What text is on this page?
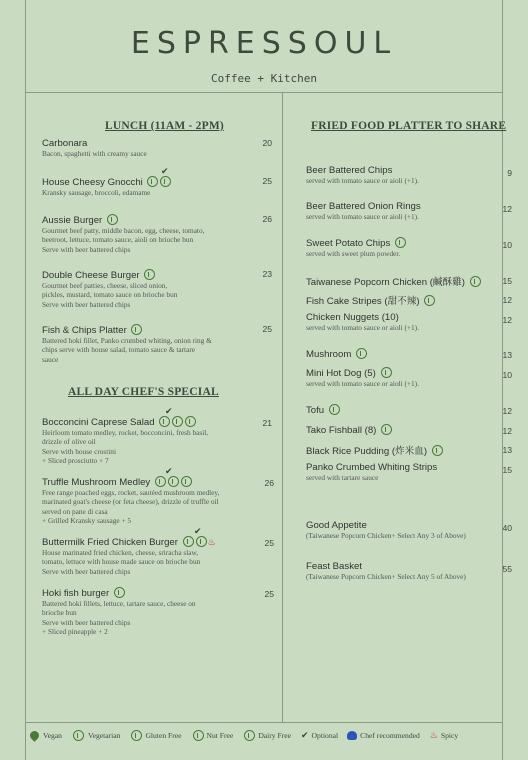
ESPRESSOUL
Coffee + Kitchen
LUNCH (11AM - 2PM)
Carbonara
Bacon, spaghetti with creamy sauce
20
House Cheesy Gnocchi
✔
Kransky sausage, broccoli, edamame
25
Aussie Burger
Gourmet beef patty, middle bacon, egg, cheese, tomato,
beetroot, lettuce, tomato sauce, aioli on brioche bun
Serve with beer battered chips
26
Double Cheese Burger
Gourmet beef patties, cheese, sliced onion,
pickles, mustard, tomato sauce on brioche bun
Serve with beer battered chips
23
Fish & Chips Platter
Battered hoki fillet, Panko crumbed whiting, onion ring &
chips serve with house salad, tomato sauce & tartare
sauce
25
ALL DAY CHEF'S SPECIAL
Bocconcini Caprese Salad
✔
Heirloom tomato medley, rocket, bocconcini, fresh basil,
drizzle of olive oil
Serve with house crostini
+ Sliced prosciutto + 7
21
Truffle Mushroom Medley
✔
Free range poached eggs, rocket, sautéed mushroom medley,
marinated goat's cheese (or feta cheese), drizzle of truffle oil
served on pane di casa
+ Grilled Kransky sausage + 5
26
Buttermilk Fried Chicken Burger
✔
♨
House marinated fried chicken, cheese, sriracha slaw,
tomato, lettuce with house made sauce on brioche bun
Serve with beer battered chips
25
Hoki fish burger
Battered hoki fillets, lettuce, tartare sauce, cheese on
brioche bun
Serve with beer battered chips
+ Sliced pineapple + 2
25
FRIED FOOD PLATTER TO SHARE
Beer Battered Chips
served with tomato sauce or aioli (+1).
9
Beer Battered Onion Rings
served with tomato sauce or aioli (+1).
12
Sweet Potato Chips
served with sweet plum powder.
10
Taiwanese Popcorn Chicken (鹹酥雞)	15
Fish Cake Stripes (甜不辣)	12
Chicken Nuggets (10)
served with tomato sauce or aioli (+1).
12
Mushroom	13
Mini Hot Dog (5)
served with tomato sauce or aioli (+1).
10
Tofu	12
Tako Fishball (8)	12
Black Rice Pudding (炸米血)	13
Panko Crumbed Whiting Strips
served with tartare sauce
15
Good Appetite
(Taiwanese Popcorn Chicken+ Select Any 3 of Above)
40
Feast Basket
(Taiwanese Popcorn Chicken+ Select Any 5 of Above)
55
Vegan	Vegetarian	Gluten Free	Nut Free	Dairy Free ✔ Optional	Chef recommended ♨ Spicy
